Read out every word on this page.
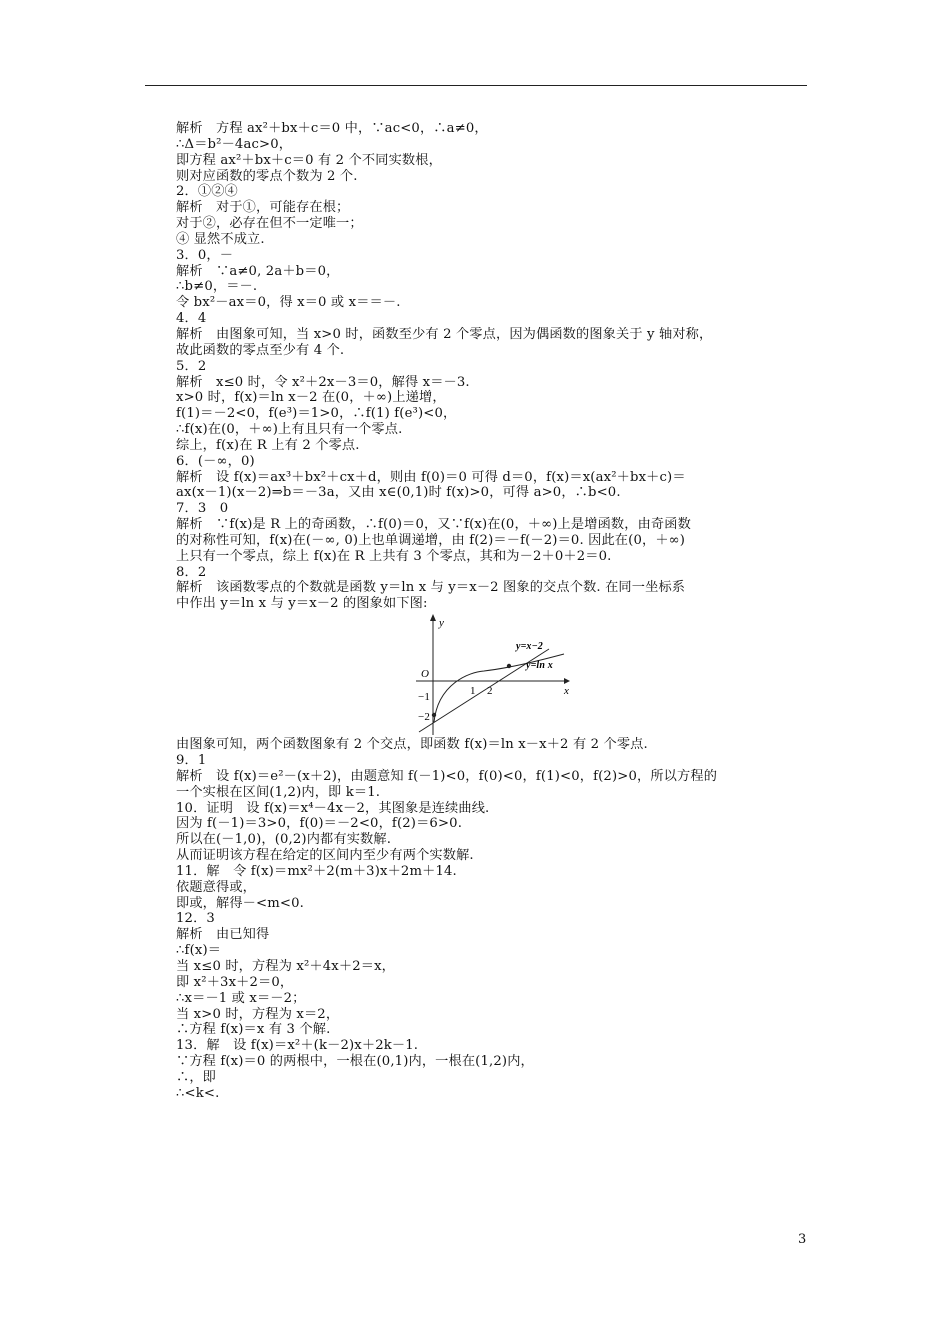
解析　方程 ax²＋bx＋c＝0 中，∵ac<0，∴a≠0，
∴Δ＝b²－4ac>0，
即方程 ax²＋bx＋c＝0 有 2 个不同实数根，
则对应函数的零点个数为 2 个.
2．①②④
解析　对于①，可能存在根；
对于②，必存在但不一定唯一；
④ 显然不成立.
3．0，－
解析　∵a≠0, 2a＋b＝0，
∴b≠0，＝－.
令 bx²－ax＝0，得 x＝0 或 x＝＝－.
4．4
解析　由图象可知，当 x>0 时，函数至少有 2 个零点，因为偶函数的图象关于 y 轴对称，
故此函数的零点至少有 4 个.
5．2
解析　x≤0 时，令 x²＋2x－3＝0，解得 x＝－3.
x>0 时，f(x)＝ln x－2 在(0，＋∞)上递增，
f(1)＝－2<0，f(e³)＝1>0，∴f(1) f(e³)<0，
∴f(x)在(0，＋∞)上有且只有一个零点.
综上，f(x)在 R 上有 2 个零点.
6．(－∞，0)
解析　设 f(x)＝ax³＋bx²＋cx＋d，则由 f(0)＝0 可得 d＝0，f(x)＝x(ax²＋bx＋c)＝
ax(x－1)(x－2)⇒b＝－3a，又由 x∈(0,1)时 f(x)>0，可得 a>0，∴b<0.
7．3　0
解析　∵f(x)是 R 上的奇函数，∴f(0)＝0，又∵f(x)在(0，＋∞)上是增函数，由奇函数
的对称性可知，f(x)在(－∞, 0)上也单调递增，由 f(2)＝－f(－2)＝0. 因此在(0，＋∞)
上只有一个零点，综上 f(x)在 R 上共有 3 个零点，其和为－2＋0＋2＝0.
8．2
解析　该函数零点的个数就是函数 y＝ln x 与 y＝x－2 图象的交点个数. 在同一坐标系
中作出 y＝ln x 与 y＝x－2 的图象如下图:
y
x
O
1 2
−1
−2
y=x−2
y=ln x
由图象可知，两个函数图象有 2 个交点，即函数 f(x)＝ln x－x＋2 有 2 个零点.
9．1
解析　设 f(x)＝e²－(x＋2)，由题意知 f(－1)<0，f(0)<0，f(1)<0，f(2)>0，所以方程的
一个实根在区间(1,2)内，即 k＝1.
10．证明　设 f(x)＝x⁴－4x－2，其图象是连续曲线.
因为 f(－1)＝3>0，f(0)＝－2<0，f(2)＝6>0.
所以在(－1,0)，(0,2)内都有实数解.
从而证明该方程在给定的区间内至少有两个实数解.
11．解　令 f(x)＝mx²＋2(m＋3)x＋2m＋14.
依题意得或，
即或，解得－<m<0.
12．3
解析　由已知得
∴f(x)＝
当 x≤0 时，方程为 x²＋4x＋2＝x，
即 x²＋3x＋2＝0，
∴x＝－1 或 x＝－2；
当 x>0 时，方程为 x＝2，
∴方程 f(x)＝x 有 3 个解.
13．解　设 f(x)＝x²＋(k－2)x＋2k－1.
∵方程 f(x)＝0 的两根中，一根在(0,1)内，一根在(1,2)内，
∴，即
∴<k<.
3
